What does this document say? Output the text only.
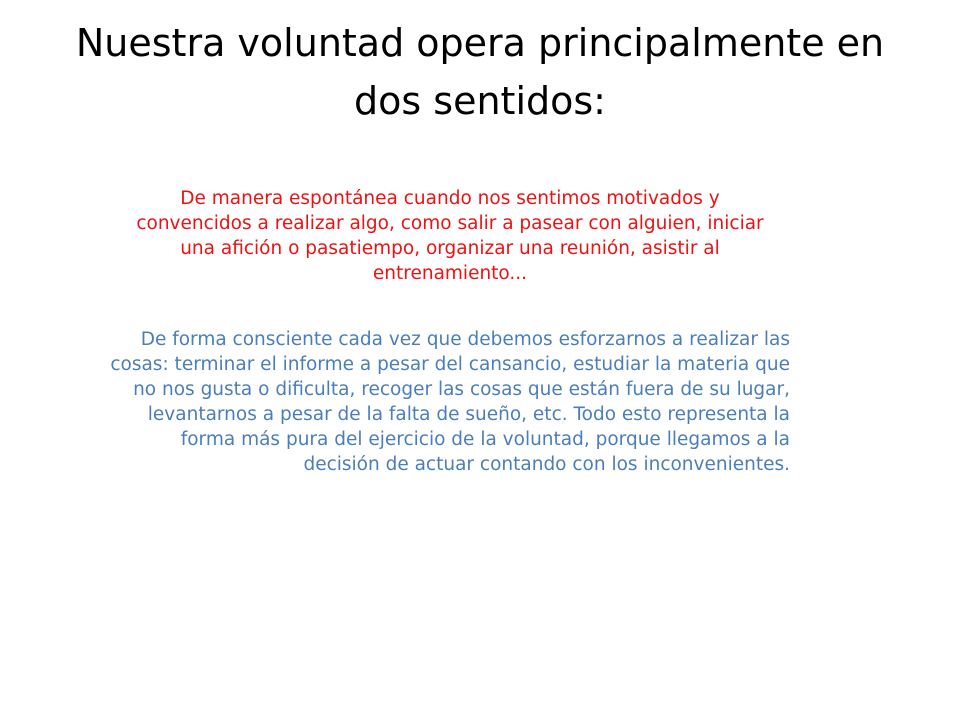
Nuestra voluntad opera principalmente en dos sentidos:

De manera espontánea cuando nos sentimos motivados y convencidos a realizar algo, como salir a pasear con alguien, iniciar una afición o pasatiempo, organizar una reunión, asistir al entrenamiento...

De forma consciente cada vez que debemos esforzarnos a realizar las cosas: terminar el informe a pesar del cansancio, estudiar la materia que no nos gusta o dificulta, recoger las cosas que están fuera de su lugar, levantarnos a pesar de la falta de sueño, etc. Todo esto representa la forma más pura del ejercicio de la voluntad, porque llegamos a la decisión de actuar contando con los inconvenientes.
